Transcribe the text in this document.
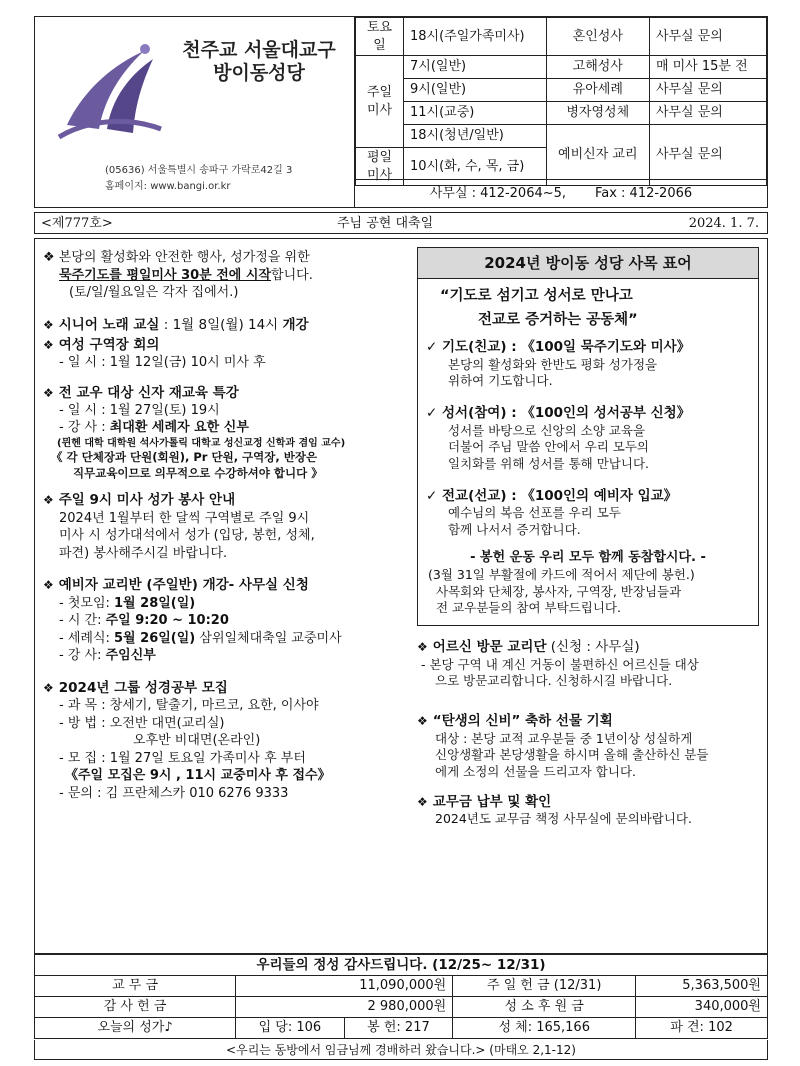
천주교 서울대교구
방이동성당
(05636) 서울특별시 송파구 가락로42길 3
홈페이지: www.bangi.or.kr
토요일	18시(주일가족미사)	혼인성사	사무실 문의
주일미사	7시(일반)	고해성사	매 미사 15분 전
	9시(일반)	유아세례	사무실 문의
	11시(교중)	병자영성체	사무실 문의
	18시(청년/일반)	예비신자 교리	사무실 문의
평일미사	10시(화, 수, 목, 금)		
사무실 : 412-2064~5, Fax : 412-2066
<제777호>	주님 공현 대축일	2024. 1. 7.

❖ 본당의 활성화와 안전한 행사, 성가정을 위한

묵주기도를 평일미사 30분 전에 시작합니다.

(토/일/월요일은 각자 집에서.)

❖ 시니어 노래 교실 : 1월 8일(월) 14시 개강

❖ 여성 구역장 회의

- 일 시 : 1월 12일(금) 10시 미사 후

❖ 전 교우 대상 신자 재교육 특강

- 일 시 : 1월 27일(토) 19시

- 강 사 : 최대환 세례자 요한 신부

(뮌헨 대학 대학원 석사가톨릭 대학교 성신교정 신학과 겸임 교수)

《 각 단체장과 단원(회원), Pr 단원, 구역장, 반장은

직무교육이므로 의무적으로 수강하셔야 합니다 》

❖ 주일 9시 미사 성가 봉사 안내

2024년 1월부터 한 달씩 구역별로 주일 9시

미사 시 성가대석에서 성가 (입당, 봉헌, 성체,

파견) 봉사해주시길 바랍니다.

❖ 예비자 교리반 (주일반) 개강- 사무실 신청

- 첫모임: 1월 28일(일)

- 시 간: 주일 9:20 ~ 10:20

- 세례식: 5월 26일(일) 삼위일체대축일 교중미사

- 강 사: 주임신부

❖ 2024년 그룹 성경공부 모집

- 과 목 : 창세기, 탈출기, 마르코, 요한, 이사야

- 방 법 : 오전반 대면(교리실)

오후반 비대면(온라인)

- 모 집 : 1월 27일 토요일 가족미사 후 부터

《주일 모집은 9시 , 11시 교중미사 후 접수》

- 문의 : 김 프란체스카 010 6276 9333

2024년 방이동 성당 사목 표어

“기도로 섬기고 성서로 만나고

전교로 증거하는 공동체”

✓ 기도(친교) : 《100일 묵주기도와 미사》

본당의 활성화와 한반도 평화 성가정을

위하여 기도합니다.

✓ 성서(참여) : 《100인의 성서공부 신청》

성서를 바탕으로 신앙의 소양 교육을

더불어 주님 말씀 안에서 우리 모두의

일치화를 위해 성서를 통해 만납니다.

✓ 전교(선교) : 《100인의 예비자 입교》

예수님의 복음 선포를 우리 모두

함께 나서서 증거합니다.

- 봉헌 운동 우리 모두 함께 동참합시다. -

(3월 31일 부활절에 카드에 적어서 제단에 봉헌.)

사목회와 단체장, 봉사자, 구역장, 반장님들과

전 교우분들의 참여 부탁드립니다.

❖ 어르신 방문 교리단 (신청 : 사무실)

- 본당 구역 내 계신 거동이 불편하신 어르신들 대상

으로 방문교리합니다. 신청하시길 바랍니다.

❖ “탄생의 신비” 축하 선물 기획

대상 : 본당 교적 교우분들 중 1년이상 성실하게

신앙생활과 본당생활을 하시며 올해 출산하신 분들

에게 소정의 선물을 드리고자 합니다.

❖ 교무금 납부 및 확인

2024년도 교무금 책정 사무실에 문의바랍니다.

우리들의 정성 감사드립니다. (12/25~ 12/31)				
교 무 금	11,090,000원		주 일 헌 금 (12/31)	5,363,500원
감 사 헌 금	2 980,000원		성 소 후 원 금	340,000원
오늘의 성가♪	입 당: 106	봉 헌: 217	성 체: 165,166	파 견: 102
<우리는 동방에서 임금님께 경배하러 왔습니다.> (마태오 2,1-12)
